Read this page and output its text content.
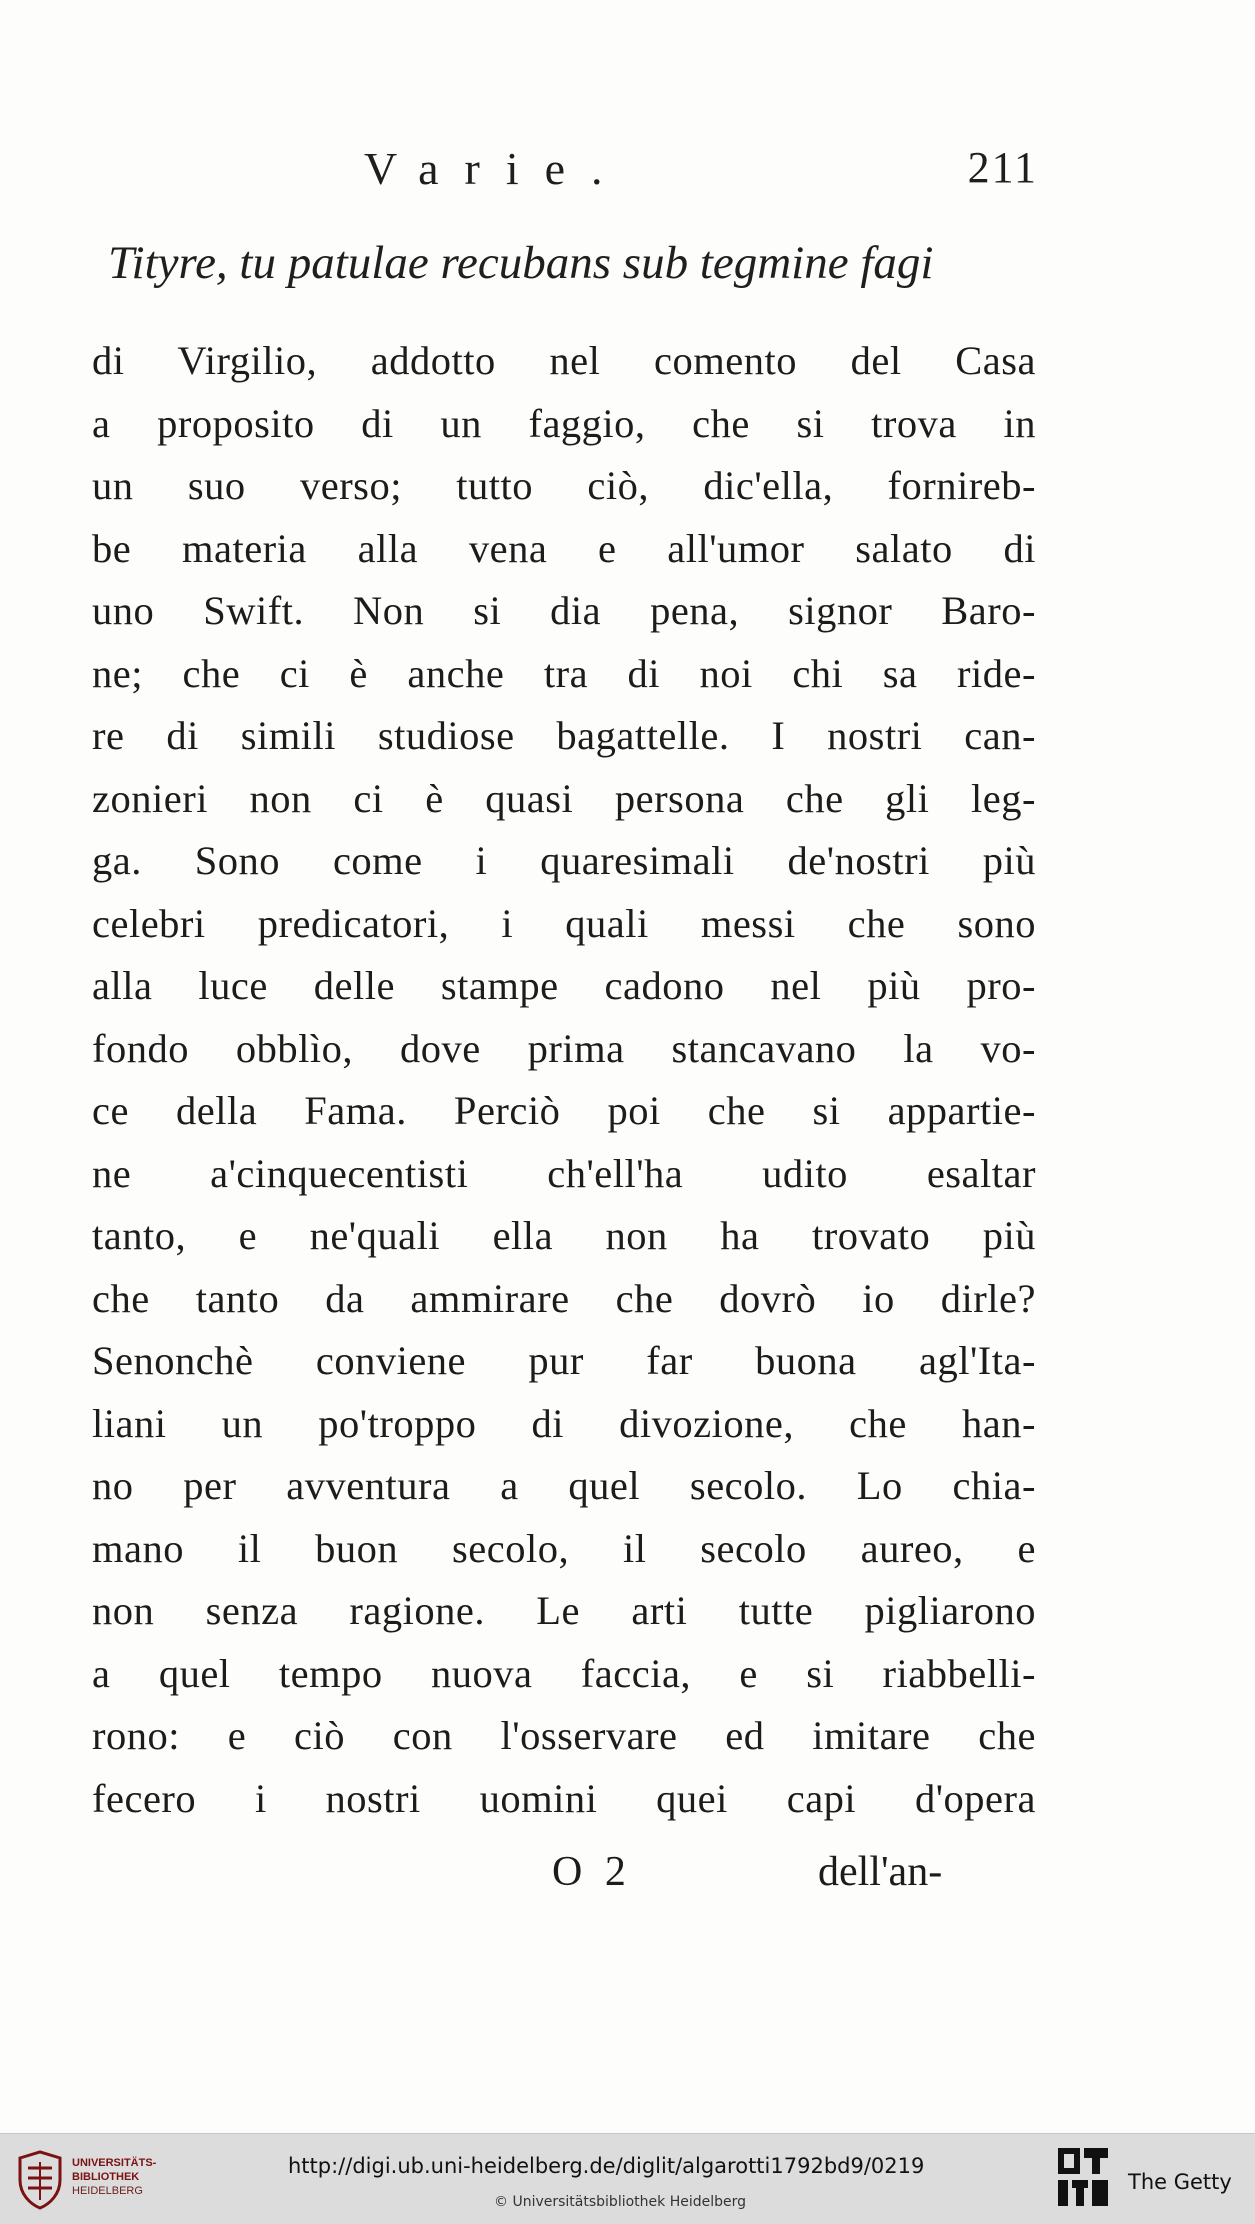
Varie.	211
Tityre, tu patulae recubans sub tegmine fagi
di Virgilio, addotto nel comento del Casa
a proposito di un faggio, che si trova in
un suo verso; tutto ciò, dic'ella, fornireb-
be materia alla vena e all'umor salato di
uno Swift. Non si dia pena, signor Baro-
ne; che ci è anche tra di noi chi sa ride-
re di simili studiose bagattelle. I nostri can-
zonieri non ci è quasi persona che gli leg-
ga. Sono come i quaresimali de'nostri più
celebri predicatori, i quali messi che sono
alla luce delle stampe cadono nel più pro-
fondo obblìo, dove prima stancavano la vo-
ce della Fama. Perciò poi che si appartie-
ne a'cinquecentisti ch'ell'ha udito esaltar
tanto, e ne'quali ella non ha trovato più
che tanto da ammirare che dovrò io dirle?
Senonchè conviene pur far buona agl'Ita-
liani un po'troppo di divozione, che han-
no per avventura a quel secolo. Lo chia-
mano il buon secolo, il secolo aureo, e
non senza ragione. Le arti tutte pigliarono
a quel tempo nuova faccia, e si riabbelli-
rono: e ciò con l'osservare ed imitare che
fecero i nostri uomini quei capi d'opera
O 2	dell'an-
UNIVERSITÄTS-
BIBLIOTHEK
HEIDELBERG
http://digi.ub.uni-heidelberg.de/diglit/algarotti1792bd9/0219
© Universitätsbibliothek Heidelberg
The Getty
